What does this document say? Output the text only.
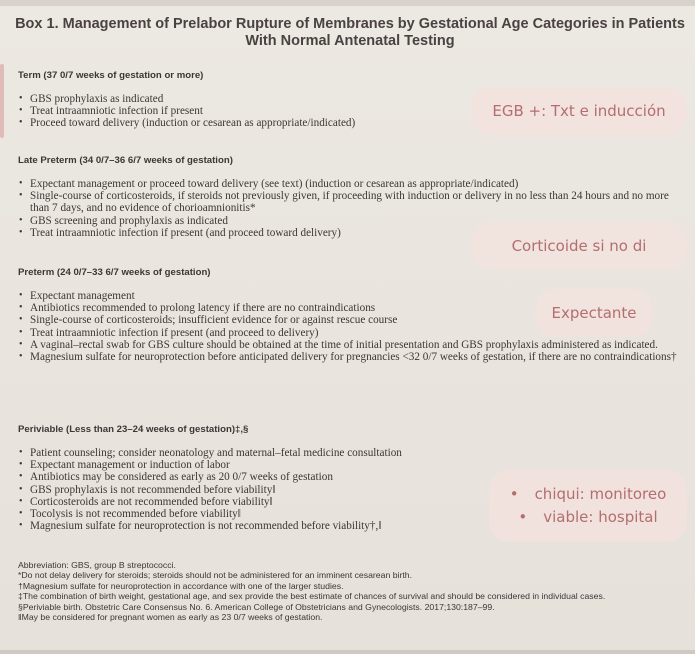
Box 1. Management of Prelabor Rupture of Membranes by Gestational Age Categories in Patients With Normal Antenatal Testing

Term (37 0/7 weeks of gestation or more)

• GBS prophylaxis as indicated
• Treat intraamniotic infection if present
• Proceed toward delivery (induction or cesarean as appropriate/indicated)

Late Preterm (34 0/7–36 6/7 weeks of gestation)

• Expectant management or proceed toward delivery (see text) (induction or cesarean as appropriate/indicated)
• Single-course of corticosteroids, if steroids not previously given, if proceeding with induction or delivery in no less than 24 hours and no more than 7 days, and no evidence of chorioamnionitis*
• GBS screening and prophylaxis as indicated
• Treat intraamniotic infection if present (and proceed toward delivery)

Preterm (24 0/7–33 6/7 weeks of gestation)

• Expectant management
• Antibiotics recommended to prolong latency if there are no contraindications
• Single-course of corticosteroids; insufficient evidence for or against rescue course
• Treat intraamniotic infection if present (and proceed to delivery)
• A vaginal–rectal swab for GBS culture should be obtained at the time of initial presentation and GBS prophylaxis administered as indicated.
• Magnesium sulfate for neuroprotection before anticipated delivery for pregnancies <32 0/7 weeks of gestation, if there are no contraindications†

Periviable (Less than 23–24 weeks of gestation)‡,§

• Patient counseling; consider neonatology and maternal–fetal medicine consultation
• Expectant management or induction of labor
• Antibiotics may be considered as early as 20 0/7 weeks of gestation
• GBS prophylaxis is not recommended before viability‖
• Corticosteroids are not recommended before viability‖
• Tocolysis is not recommended before viability‖
• Magnesium sulfate for neuroprotection is not recommended before viability†,‖
Abbreviation: GBS, group B streptococci.
*Do not delay delivery for steroids; steroids should not be administered for an imminent cesarean birth.
†Magnesium sulfate for neuroprotection in accordance with one of the larger studies.
‡The combination of birth weight, gestational age, and sex provide the best estimate of chances of survival and should be considered in individual cases.
§Periviable birth. Obstetric Care Consensus No. 6. American College of Obstetricians and Gynecologists. 2017;130:187–99.
‖May be considered for pregnant women as early as 23 0/7 weeks of gestation.
EGB +: Txt e inducción
Corticoide si no di
Expectante
• chiqui: monitoreo
• viable: hospital
